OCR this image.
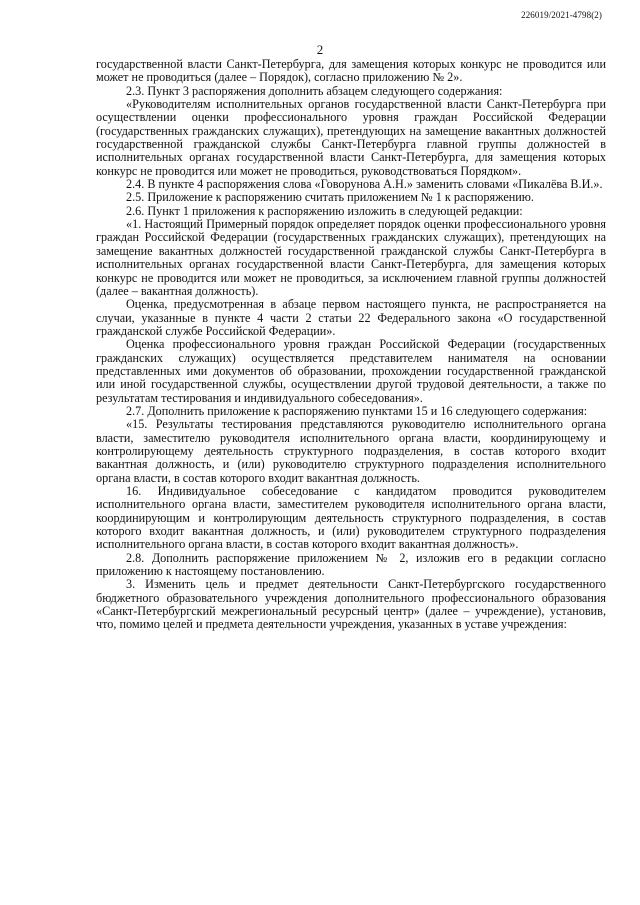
226019/2021-4798(2)
2

государственной власти Санкт-Петербурга, для замещения которых конкурс не проводится или может не проводиться (далее – Порядок), согласно приложению № 2».

2.3. Пункт 3 распоряжения дополнить абзацем следующего содержания:

«Руководителям исполнительных органов государственной власти Санкт-Петербурга при осуществлении оценки профессионального уровня граждан Российской Федерации (государственных гражданских служащих), претендующих на замещение вакантных должностей государственной гражданской службы Санкт-Петербурга главной группы должностей в исполнительных органах государственной власти Санкт-Петербурга, для замещения которых конкурс не проводится или может не проводиться, руководствоваться Порядком».

2.4. В пункте 4 распоряжения слова «Говорунова А.Н.» заменить словами «Пикалёва В.И.».

2.5. Приложение к распоряжению считать приложением № 1 к распоряжению.

2.6. Пункт 1 приложения к распоряжению изложить в следующей редакции:

«1. Настоящий Примерный порядок определяет порядок оценки профессионального уровня граждан Российской Федерации (государственных гражданских служащих), претендующих на замещение вакантных должностей государственной гражданской службы Санкт-Петербурга в исполнительных органах государственной власти Санкт-Петербурга, для замещения которых конкурс не проводится или может не проводиться, за исключением главной группы должностей (далее – вакантная должность).

Оценка, предусмотренная в абзаце первом настоящего пункта, не распространяется на случаи, указанные в пункте 4 части 2 статьи 22 Федерального закона «О государственной гражданской службе Российской Федерации».

Оценка профессионального уровня граждан Российской Федерации (государственных гражданских служащих) осуществляется представителем нанимателя на основании представленных ими документов об образовании, прохождении государственной гражданской или иной государственной службы, осуществлении другой трудовой деятельности, а также по результатам тестирования и индивидуального собеседования».

2.7. Дополнить приложение к распоряжению пунктами 15 и 16 следующего содержания:

«15. Результаты тестирования представляются руководителю исполнительного органа власти, заместителю руководителя исполнительного органа власти, координирующему и контролирующему деятельность структурного подразделения, в состав которого входит вакантная должность, и (или) руководителю структурного подразделения исполнительного органа власти, в состав которого входит вакантная должность.

16. Индивидуальное собеседование с кандидатом проводится руководителем исполнительного органа власти, заместителем руководителя исполнительного органа власти, координирующим и контролирующим деятельность структурного подразделения, в состав которого входит вакантная должность, и (или) руководителем структурного подразделения исполнительного органа власти, в состав которого входит вакантная должность».

2.8. Дополнить распоряжение приложением № 2, изложив его в редакции согласно приложению к настоящему постановлению.

3. Изменить цель и предмет деятельности Санкт-Петербургского государственного бюджетного образовательного учреждения дополнительного профессионального образования «Санкт-Петербургский межрегиональный ресурсный центр» (далее – учреждение), установив, что, помимо целей и предмета деятельности учреждения, указанных в уставе учреждения:
